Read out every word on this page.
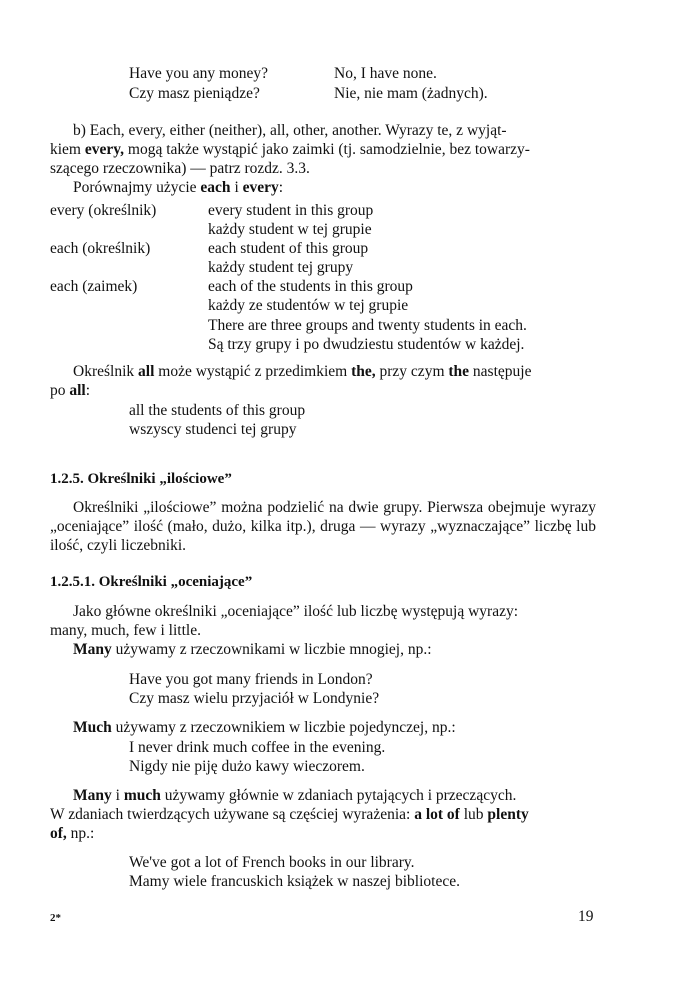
Have you any money?	No, I have none.
Czy masz pieniądze?	Nie, nie mam (żadnych).
b) Each, every, either (neither), all, other, another. Wyrazy te, z wyjąt-
kiem every, mogą także wystąpić jako zaimki (tj. samodzielnie, bez towarzy-
szącego rzeczownika) — patrz rozdz. 3.3.
Porównajmy użycie each i every:
every (określnik)	every student in this group
każdy student w tej grupie
each (określnik)	each student of this group
każdy student tej grupy
each (zaimek)	each of the students in this group
każdy ze studentów w tej grupie
There are three groups and twenty students in each.
Są trzy grupy i po dwudziestu studentów w każdej.
Określnik all może wystąpić z przedimkiem the, przy czym the następuje
po all:
all the students of this group
wszyscy studenci tej grupy
1.2.5. Określniki „ilościowe”
Określniki „ilościowe” można podzielić na dwie grupy. Pierwsza obejmuje wyrazy „oceniające” ilość (mało, dużo, kilka itp.), druga — wyrazy „wyznaczające” liczbę lub ilość, czyli liczebniki.
1.2.5.1. Określniki „oceniające”
Jako główne określniki „oceniające” ilość lub liczbę występują wyrazy:
many, much, few i little.
Many używamy z rzeczownikami w liczbie mnogiej, np.:
Have you got many friends in London?
Czy masz wielu przyjaciół w Londynie?
Much używamy z rzeczownikiem w liczbie pojedynczej, np.:
I never drink much coffee in the evening.
Nigdy nie piję dużo kawy wieczorem.
Many i much używamy głównie w zdaniach pytających i przeczących.
W zdaniach twierdzących używane są częściej wyrażenia: a lot of lub plenty
of, np.:
We've got a lot of French books in our library.
Mamy wiele francuskich książek w naszej bibliotece.
2*	19
